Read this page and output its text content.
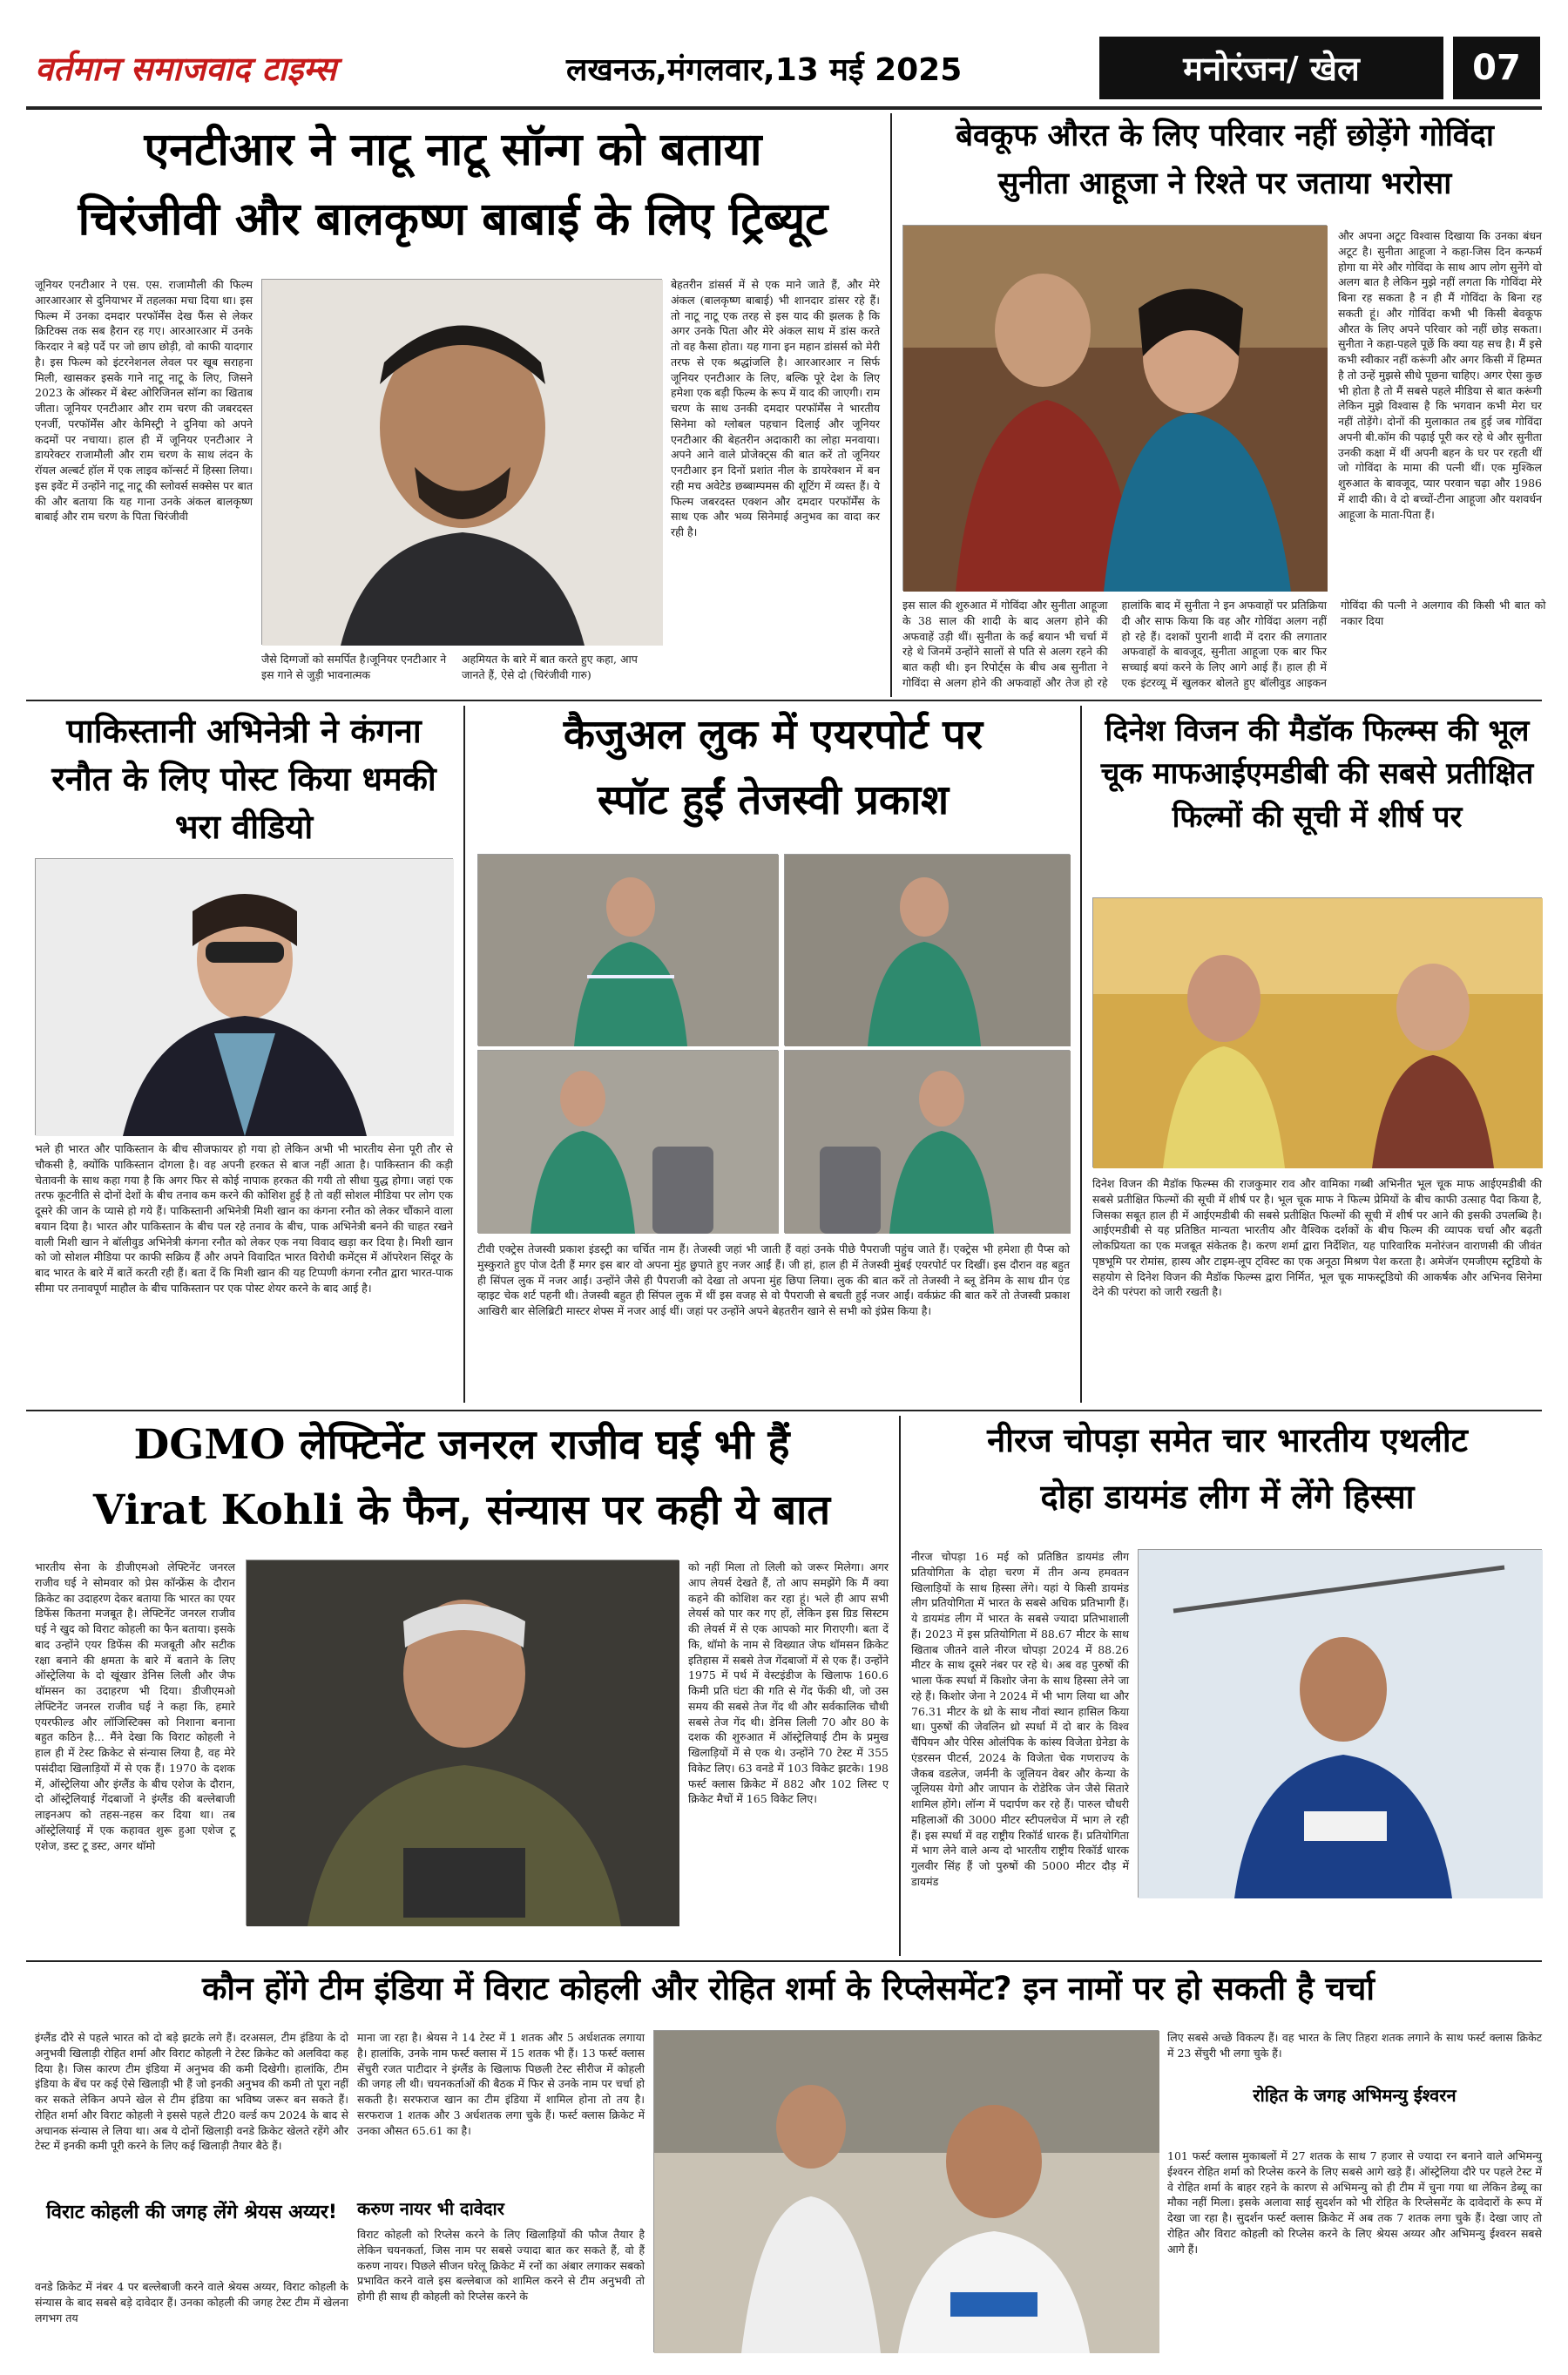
वर्तमान समाजवाद टाइम्स	लखनऊ,मंगलवार,13 मई 2025	मनोरंजन/ खेल	07
एनटीआर ने नाटू नाटू सॉन्ग को बताया
चिरंजीवी और बालकृष्ण बाबाई के लिए ट्रिब्यूट
जूनियर एनटीआर ने एस. एस. राजामौली की फिल्म आरआरआर से दुनियाभर में तहलका मचा दिया था। इस फिल्म में उनका दमदार परफॉर्मेंस देख फैंस से लेकर क्रिटिक्स तक सब हैरान रह गए। आरआरआर में उनके किरदार ने बड़े पर्दे पर जो छाप छोड़ी, वो काफी यादगार है। इस फिल्म को इंटरनेशनल लेवल पर खूब सराहना मिली, खासकर इसके गाने नाटू नाटू के लिए, जिसने 2023 के ऑस्कर में बेस्ट ओरिजिनल सॉन्ग का खिताब जीता। जूनियर एनटीआर और राम चरण की जबरदस्त एनर्जी, परफॉर्मेंस और केमिस्ट्री ने दुनिया को अपने कदमों पर नचाया। हाल ही में जूनियर एनटीआर ने डायरेक्टर राजामौली और राम चरण के साथ लंदन के रॉयल अल्बर्ट हॉल में एक लाइव कॉन्सर्ट में हिस्सा लिया। इस इवेंट में उन्होंने नाटू नाटू की स्लोवर्स सक्सेस पर बात की और बताया कि यह गाना उनके अंकल बालकृष्ण बाबाई और राम चरण के पिता चिरंजीवी
जैसे दिग्गजों को समर्पित है।जूनियर एनटीआर ने इस गाने से जुड़ी भावनात्मक
अहमियत के बारे में बात करते हुए कहा, आप जानते हैं, ऐसे दो (चिरंजीवी गारु)
बेहतरीन डांसर्स में से एक माने जाते हैं, और मेरे अंकल (बालकृष्ण बाबाई) भी शानदार डांसर रहे हैं। तो नाटू नाटू एक तरह से इस याद की झलक है कि अगर उनके पिता और मेरे अंकल साथ में डांस करते तो वह कैसा होता। यह गाना इन महान डांसर्स को मेरी तरफ से एक श्रद्धांजलि है। आरआरआर न सिर्फ जूनियर एनटीआर के लिए, बल्कि पूरे देश के लिए हमेशा एक बड़ी फिल्म के रूप में याद की जाएगी। राम चरण के साथ उनकी दमदार परफॉर्मेंस ने भारतीय सिनेमा को ग्लोबल पहचान दिलाई और जूनियर एनटीआर की बेहतरीन अदाकारी का लोहा मनवाया। अपने आने वाले प्रोजेक्ट्स की बात करें तो जूनियर एनटीआर इन दिनों प्रशांत नील के डायरेक्शन में बन रही मच अवेटेड छब्बाम्पमस की शूटिंग में व्यस्त हैं। ये फिल्म जबरदस्त एक्शन और दमदार परफॉर्मेंस के साथ एक और भव्य सिनेमाई अनुभव का वादा कर रही है।
बेवकूफ औरत के लिए परिवार नहीं छोड़ेंगे गोविंदा
सुनीता आहूजा ने रिश्ते पर जताया भरोसा
इस साल की शुरुआत में गोविंदा और सुनीता आहूजा के 38 साल की शादी के बाद अलग होने की अफवाहें उड़ी थीं। सुनीता के कई बयान भी चर्चा में रहे थे जिनमें उन्होंने सालों से पति से अलग रहने की बात कही थी। इन रिपोर्ट्स के बीच अब सुनीता ने गोविंदा से अलग होने की अफवाहों और तेज हो रहे हालांकि बाद में सुनीता ने इन अफवाहों पर प्रतिक्रिया दी और साफ किया कि वह और गोविंदा अलग नहीं हो रहे हैं। दशकों पुरानी शादी में दरार की लगातार अफवाहों के बावजूद, सुनीता आहूजा एक बार फिर सच्चाई बयां करने के लिए आगे आई हैं। हाल ही में एक इंटरव्यू में खुलकर बोलते हुए बॉलीवुड आइकन गोविंदा की पत्नी ने अलगाव की किसी भी बात को नकार दिया
और अपना अटूट विश्वास दिखाया कि उनका बंधन अटूट है। सुनीता आहूजा ने कहा-जिस दिन कन्फर्म होगा या मेरे और गोविंदा के साथ आप लोग सुनेंगे वो अलग बात है लेकिन मुझे नहीं लगता कि गोविंदा मेरे बिना रह सकता है न ही मैं गोविंदा के बिना रह सकती हूं। और गोविंदा कभी भी किसी बेवकूफ औरत के लिए अपने परिवार को नहीं छोड़ सकता। सुनीता ने कहा-पहले पूछें कि क्या यह सच है। मैं इसे कभी स्वीकार नहीं करूंगी और अगर किसी में हिम्मत है तो उन्हें मुझसे सीधे पूछना चाहिए। अगर ऐसा कुछ भी होता है तो मैं सबसे पहले मीडिया से बात करूंगी लेकिन मुझे विश्वास है कि भगवान कभी मेरा घर नहीं तोड़ेंगे। दोनों की मुलाकात तब हुई जब गोविंदा अपनी बी.कॉम की पढ़ाई पूरी कर रहे थे और सुनीता उनकी कक्षा में थीं अपनी बहन के घर पर रहती थीं जो गोविंदा के मामा की पत्नी थीं। एक मुश्किल शुरुआत के बावजूद, प्यार परवान चढ़ा और 1986 में शादी की। वे दो बच्चों-टीना आहूजा और यशवर्धन आहूजा के माता-पिता हैं।
पाकिस्तानी अभिनेत्री ने कंगना रनौत के लिए पोस्ट किया धमकी भरा वीडियो
भले ही भारत और पाकिस्तान के बीच सीजफायर हो गया हो लेकिन अभी भी भारतीय सेना पूरी तौर से चौकसी है, क्योंकि पाकिस्तान दोगला है। वह अपनी हरकत से बाज नहीं आता है। पाकिस्तान की कड़ी चेतावनी के साथ कहा गया है कि अगर फिर से कोई नापाक हरकत की गयी तो सीधा युद्ध होगा। जहां एक तरफ कूटनीति से दोनों देशों के बीच तनाव कम करने की कोशिश हुई है तो वहीं सोशल मीडिया पर लोग एक दूसरे की जान के प्यासे हो गये हैं। पाकिस्तानी अभिनेत्री मिशी खान का कंगना रनौत को लेकर चौंकाने वाला बयान दिया है। भारत और पाकिस्तान के बीच पल रहे तनाव के बीच, पाक अभिनेत्री बनने की चाहत रखने वाली मिशी खान ने बॉलीवुड अभिनेत्री कंगना रनौत को लेकर एक नया विवाद खड़ा कर दिया है। मिशी खान को जो सोशल मीडिया पर काफी सक्रिय हैं और अपने विवादित भारत विरोधी कमेंट्स में ऑपरेशन सिंदूर के बाद भारत के बारे में बातें करती रही हैं। बता दें कि मिशी खान की यह टिप्पणी कंगना रनौत द्वारा भारत-पाक सीमा पर तनावपूर्ण माहौल के बीच पाकिस्तान पर एक पोस्ट शेयर करने के बाद आई है।
कैजुअल लुक में एयरपोर्ट पर
स्पॉट हुईं तेजस्वी प्रकाश
टीवी एक्ट्रेस तेजस्वी प्रकाश इंडस्ट्री का चर्चित नाम हैं। तेजस्वी जहां भी जाती हैं वहां उनके पीछे पैपराजी पहुंच जाते हैं। एक्ट्रेस भी हमेशा ही पैप्स को मुस्कुराते हुए पोज देती हैं मगर इस बार वो अपना मुंह छुपाते हुए नजर आईं हैं। जी हां, हाल ही में तेजस्वी मुंबई एयरपोर्ट पर दिखीं। इस दौरान वह बहुत ही सिंपल लुक में नजर आईं। उन्होंने जैसे ही पैपराजी को देखा तो अपना मुंह छिपा लिया। लुक की बात करें तो तेजस्वी ने ब्लू डेनिम के साथ ग्रीन एंड व्हाइट चेक शर्ट पहनी थी। तेजस्वी बहुत ही सिंपल लुक में थीं इस वजह से वो पैपराजी से बचती हुई नजर आईं। वर्कफ्रंट की बात करें तो तेजस्वी प्रकाश आखिरी बार सेलिब्रिटी मास्टर शेफ्स में नजर आई थीं। जहां पर उन्होंने अपने बेहतरीन खाने से सभी को इंप्रेस किया है।
दिनेश विजन की मैडॉक फिल्म्स की भूल चूक माफआईएमडीबी की सबसे प्रतीक्षित फिल्मों की सूची में शीर्ष पर
दिनेश विजन की मैडॉक फिल्म्स की राजकुमार राव और वामिका गब्बी अभिनीत भूल चूक माफ आईएमडीबी की सबसे प्रतीक्षित फिल्मों की सूची में शीर्ष पर है। भूल चूक माफ ने फिल्म प्रेमियों के बीच काफी उत्साह पैदा किया है, जिसका सबूत हाल ही में आईएमडीबी की सबसे प्रतीक्षित फिल्मों की सूची में शीर्ष पर आने की इसकी उपलब्धि है। आईएमडीबी से यह प्रतिष्ठित मान्यता भारतीय और वैश्विक दर्शकों के बीच फिल्म की व्यापक चर्चा और बढ़ती लोकप्रियता का एक मजबूत संकेतक है। करण शर्मा द्वारा निर्देशित, यह पारिवारिक मनोरंजन वाराणसी की जीवंत पृष्ठभूमि पर रोमांस, हास्य और टाइम-लूप ट्विस्ट का एक अनूठा मिश्रण पेश करता है। अमेजॅन एमजीएम स्टूडियो के सहयोग से दिनेश विजन की मैडॉक फिल्म्स द्वारा निर्मित, भूल चूक माफस्टूडियो की आकर्षक और अभिनव सिनेमा देने की परंपरा को जारी रखती है।
DGMO लेफ्टिनेंट जनरल राजीव घई भी हैं
Virat Kohli के फैन, संन्यास पर कही ये बात
भारतीय सेना के डीजीएमओ लेफ्टिनेंट जनरल राजीव घई ने सोमवार को प्रेस कॉन्फ्रेंस के दौरान क्रिकेट का उदाहरण देकर बताया कि भारत का एयर डिफेंस कितना मजबूत है। लेफ्टिनेंट जनरल राजीव घई ने खुद को विराट कोहली का फैन बताया। इसके बाद उन्होंने एयर डिफेंस की मजबूती और सटीक रक्षा बनाने की क्षमता के बारे में बताने के लिए ऑस्ट्रेलिया के दो खूंखार डेनिस लिली और जैफ थॉमसन का उदाहरण भी दिया। डीजीएमओ लेफ्टिनेंट जनरल राजीव घई ने कहा कि, हमारे एयरफील्ड और लॉजिस्टिक्स को निशाना बनाना बहुत कठिन है... मैंने देखा कि विराट कोहली ने हाल ही में टेस्ट क्रिकेट से संन्यास लिया है, वह मेरे पसंदीदा खिलाड़ियों में से एक हैं। 1970 के दशक में, ऑस्ट्रेलिया और इंग्लैंड के बीच एशेज के दौरान, दो ऑस्ट्रेलियाई गेंदबाजों ने इंग्लैंड की बल्लेबाजी लाइनअप को तहस-नहस कर दिया था। तब ऑस्ट्रेलियाई में एक कहावत शुरू हुआ एशेज टू एशेज, डस्ट टू डस्ट, अगर थॉमो
को नहीं मिला तो लिली को जरूर मिलेगा। अगर आप लेयर्स देखते हैं, तो आप समझेंगे कि मैं क्या कहने की कोशिश कर रहा हूं। भले ही आप सभी लेयर्स को पार कर गए हों, लेकिन इस ग्रिड सिस्टम की लेयर्स में से एक आपको मार गिराएगी। बता दें कि, थॉमो के नाम से विख्यात जेफ थॉमसन क्रिकेट इतिहास में सबसे तेज गेंदबाजों में से एक हैं। उन्होंने 1975 में पर्थ में वेस्टइंडीज के खिलाफ 160.6 किमी प्रति घंटा की गति से गेंद फेंकी थी, जो उस समय की सबसे तेज गेंद थी और सर्वकालिक चौथी सबसे तेज गेंद थी। डेनिस लिली 70 और 80 के दशक की शुरुआत में ऑस्ट्रेलियाई टीम के प्रमुख खिलाड़ियों में से एक थे। उन्होंने 70 टेस्ट में 355 विकेट लिए। 63 वनडे में 103 विकेट झटके। 198 फर्स्ट क्लास क्रिकेट में 882 और 102 लिस्ट ए क्रिकेट मैचों में 165 विकेट लिए।
नीरज चोपड़ा समेत चार भारतीय एथलीट
दोहा डायमंड लीग में लेंगे हिस्सा
नीरज चोपड़ा 16 मई को प्रतिष्ठित डायमंड लीग प्रतियोगिता के दोहा चरण में तीन अन्य हमवतन खिलाड़ियों के साथ हिस्सा लेंगे। यहां ये किसी डायमंड लीग प्रतियोगिता में भारत के सबसे अधिक प्रतिभागी हैं। ये डायमंड लीग में भारत के सबसे ज्यादा प्रतिभाशाली हैं। 2023 में इस प्रतियोगिता में 88.67 मीटर के साथ खिताब जीतने वाले नीरज चोपड़ा 2024 में 88.26 मीटर के साथ दूसरे नंबर पर रहे थे। अब वह पुरुषों की भाला फेंक स्पर्धा में किशोर जेना के साथ हिस्सा लेने जा रहे हैं। किशोर जेना ने 2024 में भी भाग लिया था और 76.31 मीटर के थ्रो के साथ नौवां स्थान हासिल किया था। पुरुषों की जेवलिन थ्रो स्पर्धा में दो बार के विश्व चैंपियन और पेरिस ओलंपिक के कांस्य विजेता ग्रेनेडा के एंडरसन पीटर्स, 2024 के विजेता चेक गणराज्य के जैकब वडलेज, जर्मनी के जूलियन वेबर और केन्या के जूलियस येगो और जापान के रोडेरिक जेन जैसे सितारे शामिल होंगे। लॉन्ग में पदार्पण कर रहे हैं। पारुल चौधरी महिलाओं की 3000 मीटर स्टीपलचेज में भाग ले रही हैं। इस स्पर्धा में वह राष्ट्रीय रिकॉर्ड धारक हैं। प्रतियोगिता में भाग लेने वाले अन्य दो भारतीय राष्ट्रीय रिकॉर्ड धारक गुलवीर सिंह हैं जो पुरुषों की 5000 मीटर दौड़ में डायमंड
कौन होंगे टीम इंडिया में विराट कोहली और रोहित शर्मा के रिप्लेसमेंट? इन नामों पर हो सकती है चर्चा
इंग्लैंड दौरे से पहले भारत को दो बड़े झटके लगे हैं। दरअसल, टीम इंडिया के दो अनुभवी खिलाड़ी रोहित शर्मा और विराट कोहली ने टेस्ट क्रिकेट को अलविदा कह दिया है। जिस कारण टीम इंडिया में अनुभव की कमी दिखेगी। हालांकि, टीम इंडिया के बेंच पर कई ऐसे खिलाड़ी भी हैं जो इनकी अनुभव की कमी तो पूरा नहीं कर सकते लेकिन अपने खेल से टीम इंडिया का भविष्य जरूर बन सकते हैं। रोहित शर्मा और विराट कोहली ने इससे पहले टी20 वर्ल्ड कप 2024 के बाद से अचानक संन्यास ले लिया था। अब ये दोनों खिलाड़ी वनडे क्रिकेट खेलते रहेंगे और टेस्ट में इनकी कमी पूरी करने के लिए कई खिलाड़ी तैयार बैठे हैं।
विराट कोहली की जगह लेंगे श्रेयस अय्यर!
वनडे क्रिकेट में नंबर 4 पर बल्लेबाजी करने वाले श्रेयस अय्यर, विराट कोहली के संन्यास के बाद सबसे बड़े दावेदार हैं। उनका कोहली की जगह टेस्ट टीम में खेलना लगभग तय
माना जा रहा है। श्रेयस ने 14 टेस्ट में 1 शतक और 5 अर्धशतक लगाया है। हालांकि, उनके नाम फर्स्ट क्लास में 15 शतक भी हैं। 13 फर्स्ट क्लास सेंचुरी रजत पाटीदार ने इंग्लैंड के खिलाफ पिछली टेस्ट सीरीज में कोहली की जगह ली थी। चयनकर्ताओं की बैठक में फिर से उनके नाम पर चर्चा हो सकती है। सरफराज खान का टीम इंडिया में शामिल होना तो तय है। सरफराज 1 शतक और 3 अर्धशतक लगा चुके हैं। फर्स्ट क्लास क्रिकेट में उनका औसत 65.61 का है।
करुण नायर भी दावेदार
विराट कोहली को रिप्लेस करने के लिए खिलाड़ियों की फौज तैयार है लेकिन चयनकर्ता, जिस नाम पर सबसे ज्यादा बात कर सकते हैं, वो हैं करुण नायर। पिछले सीजन घरेलू क्रिकेट में रनों का अंबार लगाकर सबको प्रभावित करने वाले इस बल्लेबाज को शामिल करने से टीम अनुभवी तो होगी ही साथ ही कोहली को रिप्लेस करने के
लिए सबसे अच्छे विकल्प हैं। वह भारत के लिए तिहरा शतक लगाने के साथ फर्स्ट क्लास क्रिकेट में 23 सेंचुरी भी लगा चुके हैं।
रोहित के जगह अभिमन्यु ईश्वरन
101 फर्स्ट क्लास मुकाबलों में 27 शतक के साथ 7 हजार से ज्यादा रन बनाने वाले अभिमन्यु ईश्वरन रोहित शर्मा को रिप्लेस करने के लिए सबसे आगे खड़े हैं। ऑस्ट्रेलिया दौरे पर पहले टेस्ट में वे रोहित शर्मा के बाहर रहने के कारण से अभिमन्यु को ही टीम में चुना गया था लेकिन डेब्यू का मौका नहीं मिला। इसके अलावा साई सुदर्शन को भी रोहित के रिप्लेसमेंट के दावेदारों के रूप में देखा जा रहा है। सुदर्शन फर्स्ट क्लास क्रिकेट में अब तक 7 शतक लगा चुके हैं। देखा जाए तो रोहित और विराट कोहली को रिप्लेस करने के लिए श्रेयस अय्यर और अभिमन्यु ईश्वरन सबसे आगे हैं।
